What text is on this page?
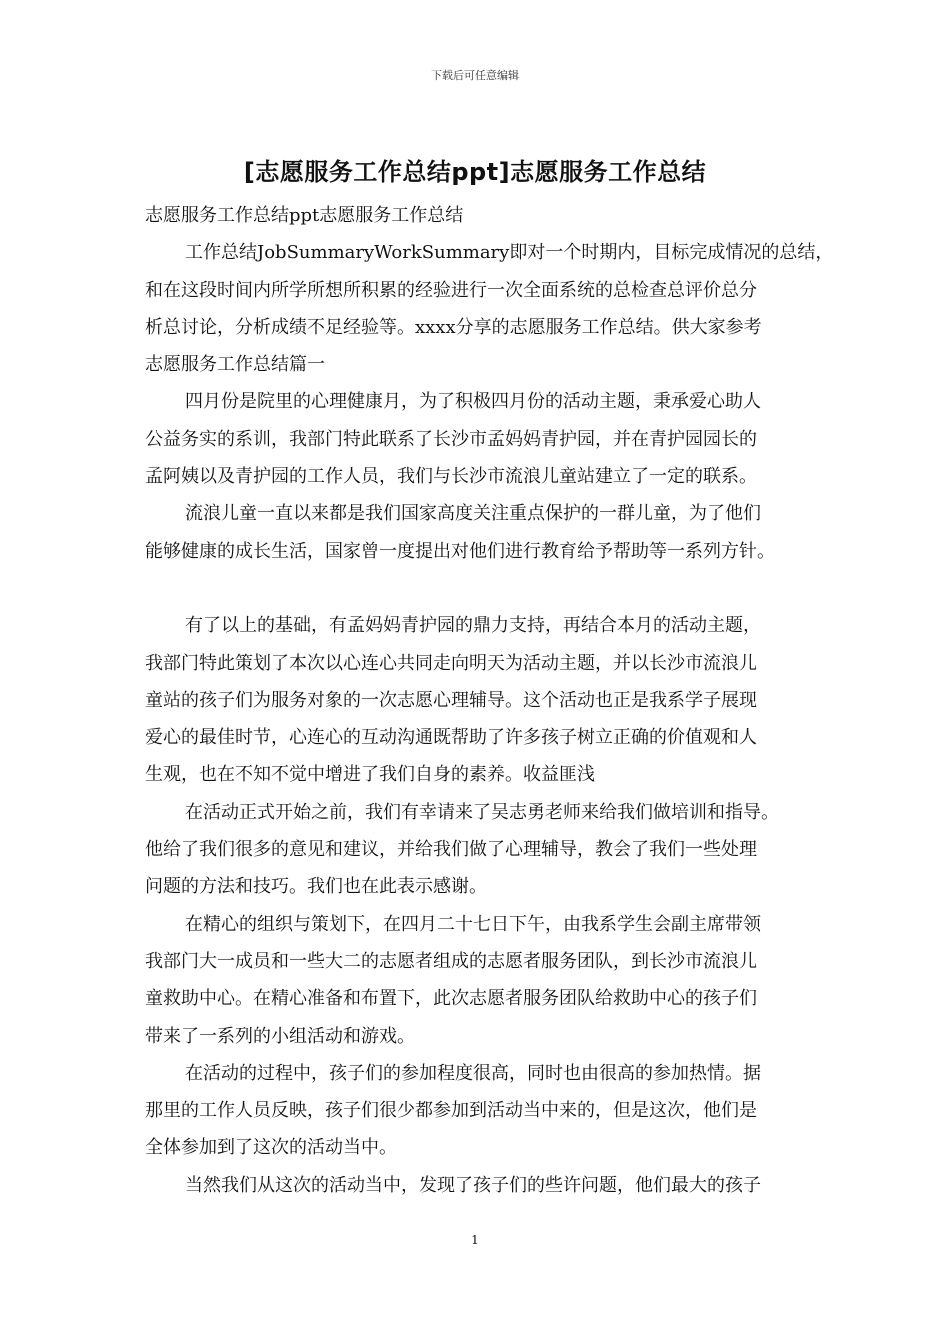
下载后可任意编辑
[志愿服务工作总结ppt]志愿服务工作总结
志愿服务工作总结ppt志愿服务工作总结
工作总结JobSummaryWorkSummary即对一个时期内，目标完成情况的总结，
和在这段时间内所学所想所积累的经验进行一次全面系统的总检查总评价总分
析总讨论，分析成绩不足经验等。xxxx分享的志愿服务工作总结。供大家参考
志愿服务工作总结篇一
四月份是院里的心理健康月，为了积极四月份的活动主题，秉承爱心助人
公益务实的系训，我部门特此联系了长沙市孟妈妈青护园，并在青护园园长的
孟阿姨以及青护园的工作人员，我们与长沙市流浪儿童站建立了一定的联系。
流浪儿童一直以来都是我们国家高度关注重点保护的一群儿童，为了他们
能够健康的成长生活，国家曾一度提出对他们进行教育给予帮助等一系列方针。
有了以上的基础，有孟妈妈青护园的鼎力支持，再结合本月的活动主题，
我部门特此策划了本次以心连心共同走向明天为活动主题，并以长沙市流浪儿
童站的孩子们为服务对象的一次志愿心理辅导。这个活动也正是我系学子展现
爱心的最佳时节，心连心的互动沟通既帮助了许多孩子树立正确的价值观和人
生观，也在不知不觉中增进了我们自身的素养。收益匪浅
在活动正式开始之前，我们有幸请来了吴志勇老师来给我们做培训和指导。
他给了我们很多的意见和建议，并给我们做了心理辅导，教会了我们一些处理
问题的方法和技巧。我们也在此表示感谢。
在精心的组织与策划下，在四月二十七日下午，由我系学生会副主席带领
我部门大一成员和一些大二的志愿者组成的志愿者服务团队，到长沙市流浪儿
童救助中心。在精心准备和布置下，此次志愿者服务团队给救助中心的孩子们
带来了一系列的小组活动和游戏。
在活动的过程中，孩子们的参加程度很高，同时也由很高的参加热情。据
那里的工作人员反映，孩子们很少都参加到活动当中来的，但是这次，他们是
全体参加到了这次的活动当中。
当然我们从这次的活动当中，发现了孩子们的些许问题，他们最大的孩子
1
